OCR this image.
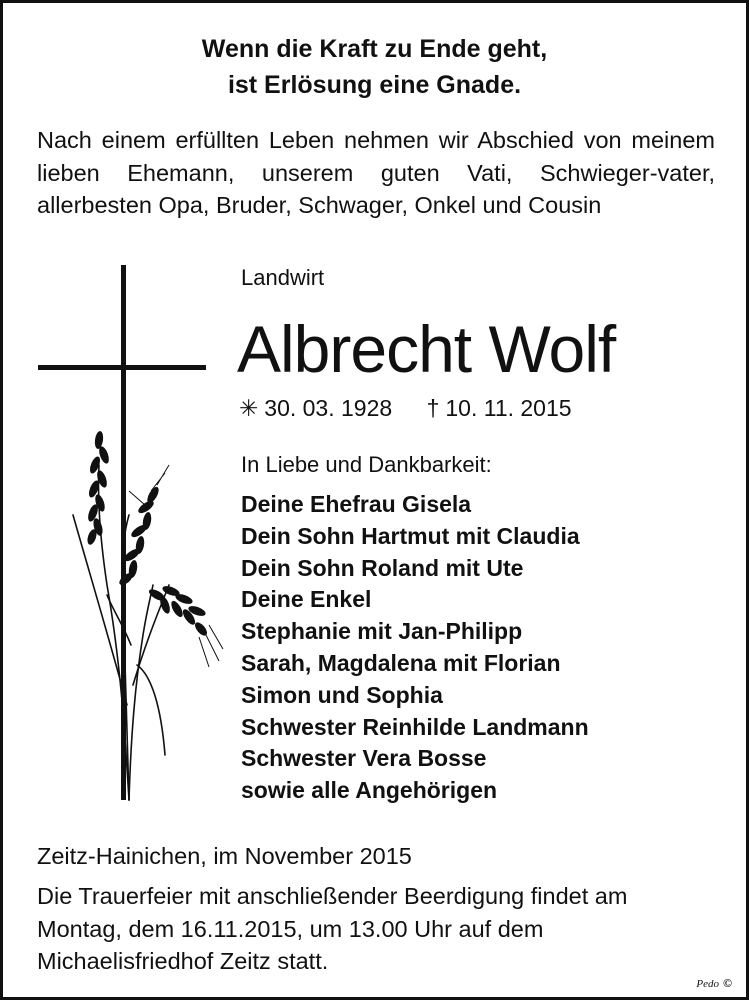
Wenn die Kraft zu Ende geht,
ist Erlösung eine Gnade.
Nach einem erfüllten Leben nehmen wir Abschied von meinem lieben Ehemann, unserem guten Vati, Schwieger-vater, allerbesten Opa, Bruder, Schwager, Onkel und Cousin
Landwirt
Albrecht Wolf
✳ 30. 03. 1928 † 10. 11. 2015
In Liebe und Dankbarkeit:
Deine Ehefrau Gisela
Dein Sohn Hartmut mit Claudia
Dein Sohn Roland mit Ute
Deine Enkel
Stephanie mit Jan-Philipp
Sarah, Magdalena mit Florian
Simon und Sophia
Schwester Reinhilde Landmann
Schwester Vera Bosse
sowie alle Angehörigen
Zeitz-Hainichen, im November 2015
Die Trauerfeier mit anschließender Beerdigung findet am
Montag, dem 16.11.2015, um 13.00 Uhr auf dem
Michaelisfriedhof Zeitz statt.
Pedo ©
